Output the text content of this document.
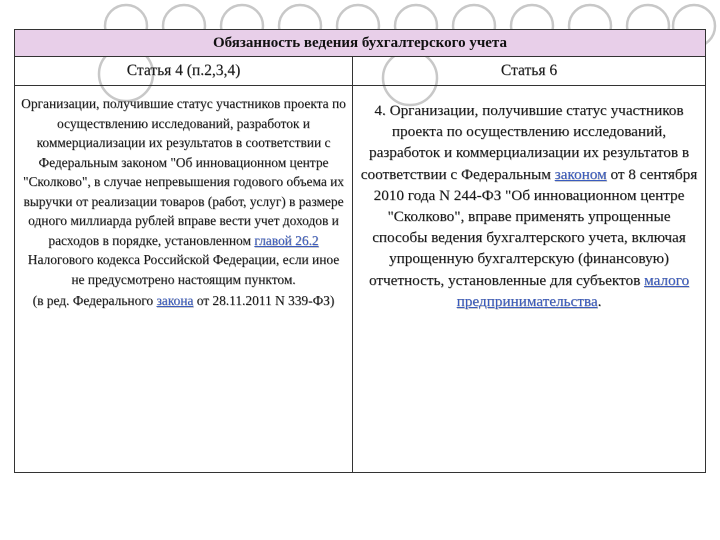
Обязанность ведения бухгалтерского учета
Статья 4 (п.2,3,4)	Статья 6

Организации, получившие статус участников проекта по осуществлению исследований, разработок и коммерциализации их результатов в соответствии с Федеральным законом "Об инновационном центре "Сколково", в случае непревышения годового объема их выручки от реализации товаров (работ, услуг) в размере одного миллиарда рублей вправе вести учет доходов и расходов в порядке, установленном главой 26.2 Налогового кодекса Российской Федерации, если иное не предусмотрено настоящим пунктом.

(в ред. Федерального закона от 28.11.2011 N 339-ФЗ)

4. Организации, получившие статус участников проекта по осуществлению исследований, разработок и коммерциализации их результатов в соответствии с Федеральным законом от 8 сентября 2010 года N 244-ФЗ "Об инновационном центре "Сколково", вправе применять упрощенные способы ведения бухгалтерского учета, включая упрощенную бухгалтерскую (финансовую) отчетность, установленные для субъектов малого предпринимательства.
